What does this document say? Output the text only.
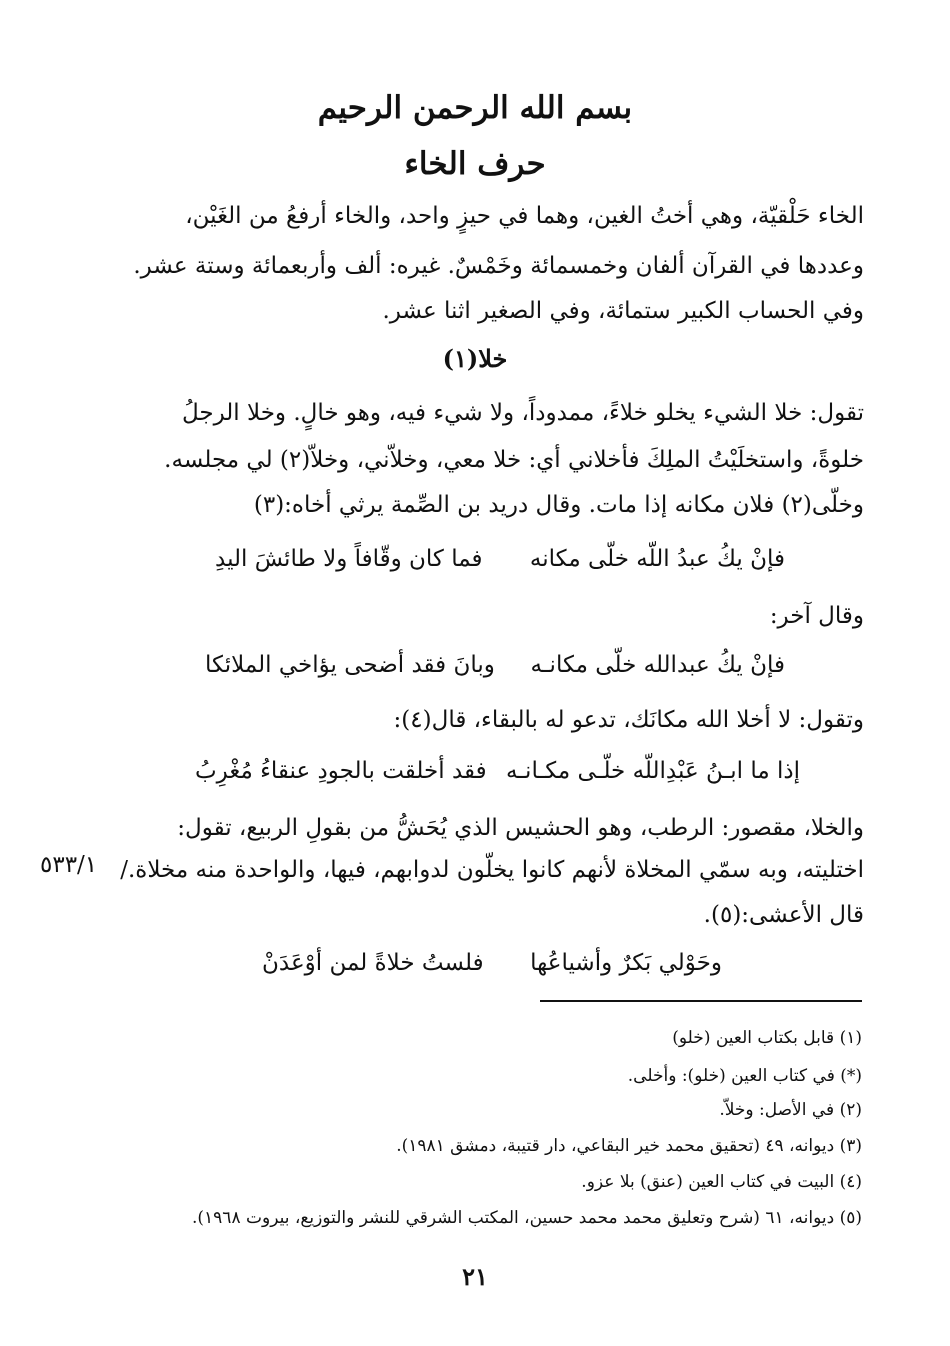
بسم الله الرحمن الرحيم
حرف الخاء
الخاء حَلْقيّة، وهي أختُ الغين، وهما في حيزٍ واحد، والخاء أرفعُ من الغَيْن،
وعددها في القرآن ألفان وخمسمائة وخَمْسٌ. غيره: ألف وأربعمائة وستة عشر.
وفي الحساب الكبير ستمائة، وفي الصغير اثنا عشر.
خلا(١)
تقول: خلا الشيء يخلو خلاءً، ممدوداً، ولا شيء فيه، وهو خالٍ. وخلا الرجلُ
خلوةً، واستخلَيْتُ الملِكَ فأخلاني أي: خلا معي، وخلاّني، وخلاّ(٢) لي مجلسه.
وخلّى(٢) فلان مكانه إذا مات. وقال دريد بن الصِّمة يرثي أخاه:(٣)
فإنْ يكُ عبدُ اللّه خلّى مكانه
فما كان وقّافاً ولا طائشَ اليدِ
وقال آخر:
فإنْ يكُ عبدالله خلّى مكانـه
وبانَ فقد أضحى يؤاخي الملائكا
وتقول: لا أخلا الله مكانَك، تدعو له بالبقاء، قال(٤):
إذا ما ابـنُ عَبْدِاللّه خلّـى مكـانـه
فقد أخلقت بالجودِ عنقاءُ مُغْرِبُ
والخلا، مقصور: الرطب، وهو الحشيس الذي يُحَشُّ من بقولِ الربيع، تقول:
اختليته، وبه سمّي المخلاة لأنهم كانوا يخلّون لدوابهم، فيها، والواحدة منه مخلاة./
قال الأعشى:(٥).
٥٣٣/١
وحَوْلي بَكرٌ وأشياعُها
فلستُ خلاةً لمن أوْعَدَنْ
(١) قابل بكتاب العين (خلو)
(*) في كتاب العين (خلو): وأخلى.
(٢) في الأصل: وخلاّ.
(٣) ديوانه، ٤٩ (تحقيق محمد خير البقاعي، دار قتيبة، دمشق ١٩٨١).
(٤) البيت في كتاب العين (عنق) بلا عزو.
(٥) ديوانه، ٦١ (شرح وتعليق محمد محمد حسين، المكتب الشرقي للنشر والتوزيع، بيروت ١٩٦٨).
٢١
